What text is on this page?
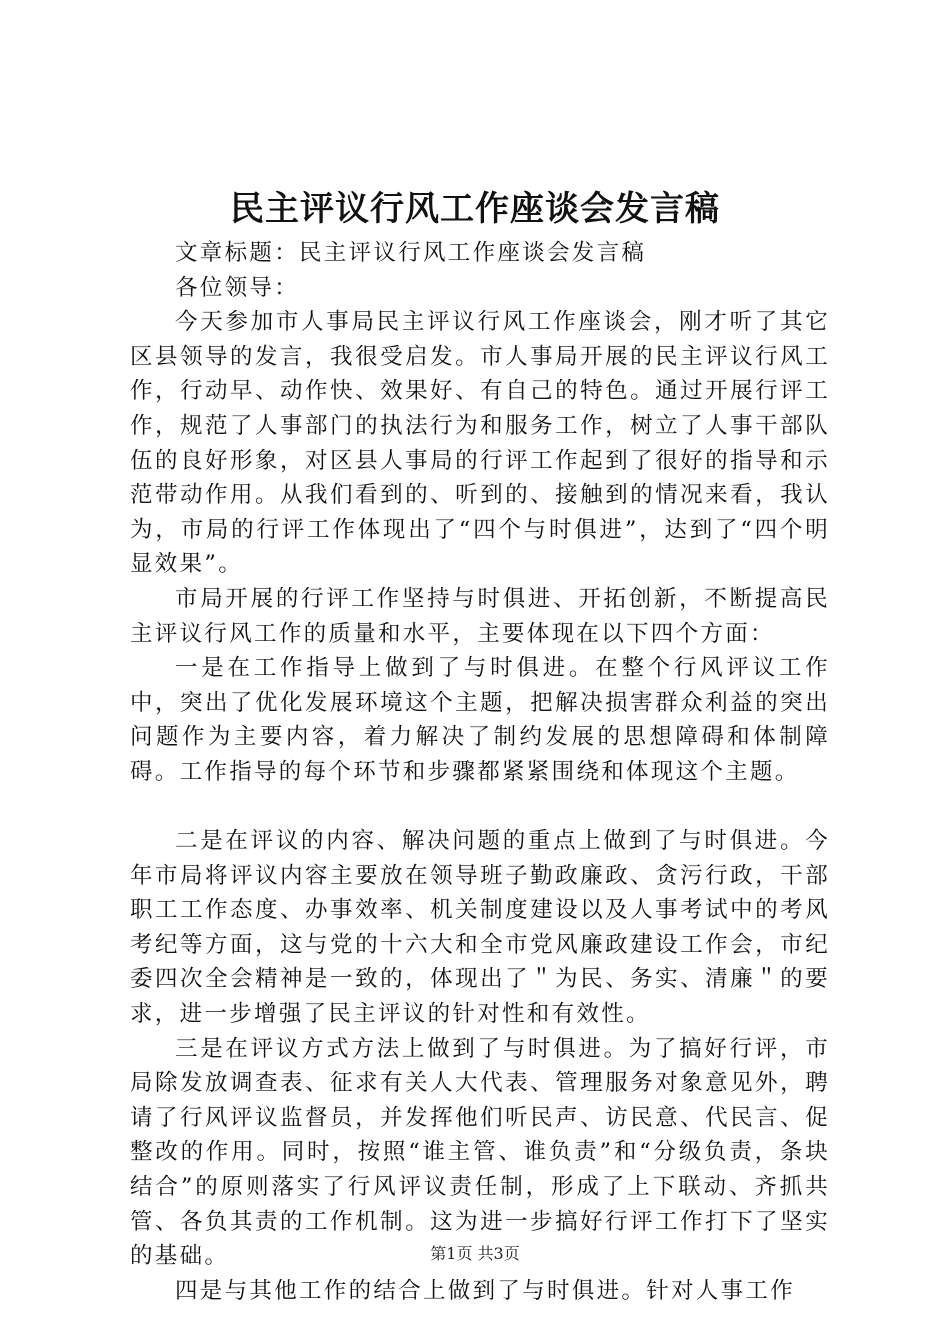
民主评议行风工作座谈会发言稿

文章标题：民主评议行风工作座谈会发言稿

各位领导：

今天参加市人事局民主评议行风工作座谈会，刚才听了其它区县领导的发言，我很受启发。市人事局开展的民主评议行风工作，行动早、动作快、效果好、有自己的特色。通过开展行评工作，规范了人事部门的执法行为和服务工作，树立了人事干部队伍的良好形象，对区县人事局的行评工作起到了很好的指导和示范带动作用。从我们看到的、听到的、接触到的情况来看，我认为，市局的行评工作体现出了“四个与时俱进”，达到了“四个明显效果”。

市局开展的行评工作坚持与时俱进、开拓创新，不断提高民主评议行风工作的质量和水平，主要体现在以下四个方面：

一是在工作指导上做到了与时俱进。在整个行风评议工作中，突出了优化发展环境这个主题，把解决损害群众利益的突出问题作为主要内容，着力解决了制约发展的思想障碍和体制障碍。工作指导的每个环节和步骤都紧紧围绕和体现这个主题。

二是在评议的内容、解决问题的重点上做到了与时俱进。今年市局将评议内容主要放在领导班子勤政廉政、贪污行政，干部职工工作态度、办事效率、机关制度建设以及人事考试中的考风考纪等方面，这与党的十六大和全市党风廉政建设工作会，市纪委四次全会精神是一致的，体现出了＂为民、务实、清廉＂的要求，进一步增强了民主评议的针对性和有效性。

三是在评议方式方法上做到了与时俱进。为了搞好行评，市局除发放调查表、征求有关人大代表、管理服务对象意见外，聘请了行风评议监督员，并发挥他们听民声、访民意、代民言、促整改的作用。同时，按照“谁主管、谁负责”和“分级负责，条块结合”的原则落实了行风评议责任制，形成了上下联动、齐抓共管、各负其责的工作机制。这为进一步搞好行评工作打下了坚实的基础。

四是与其他工作的结合上做到了与时俱进。针对人事工作

第1页 共3页
